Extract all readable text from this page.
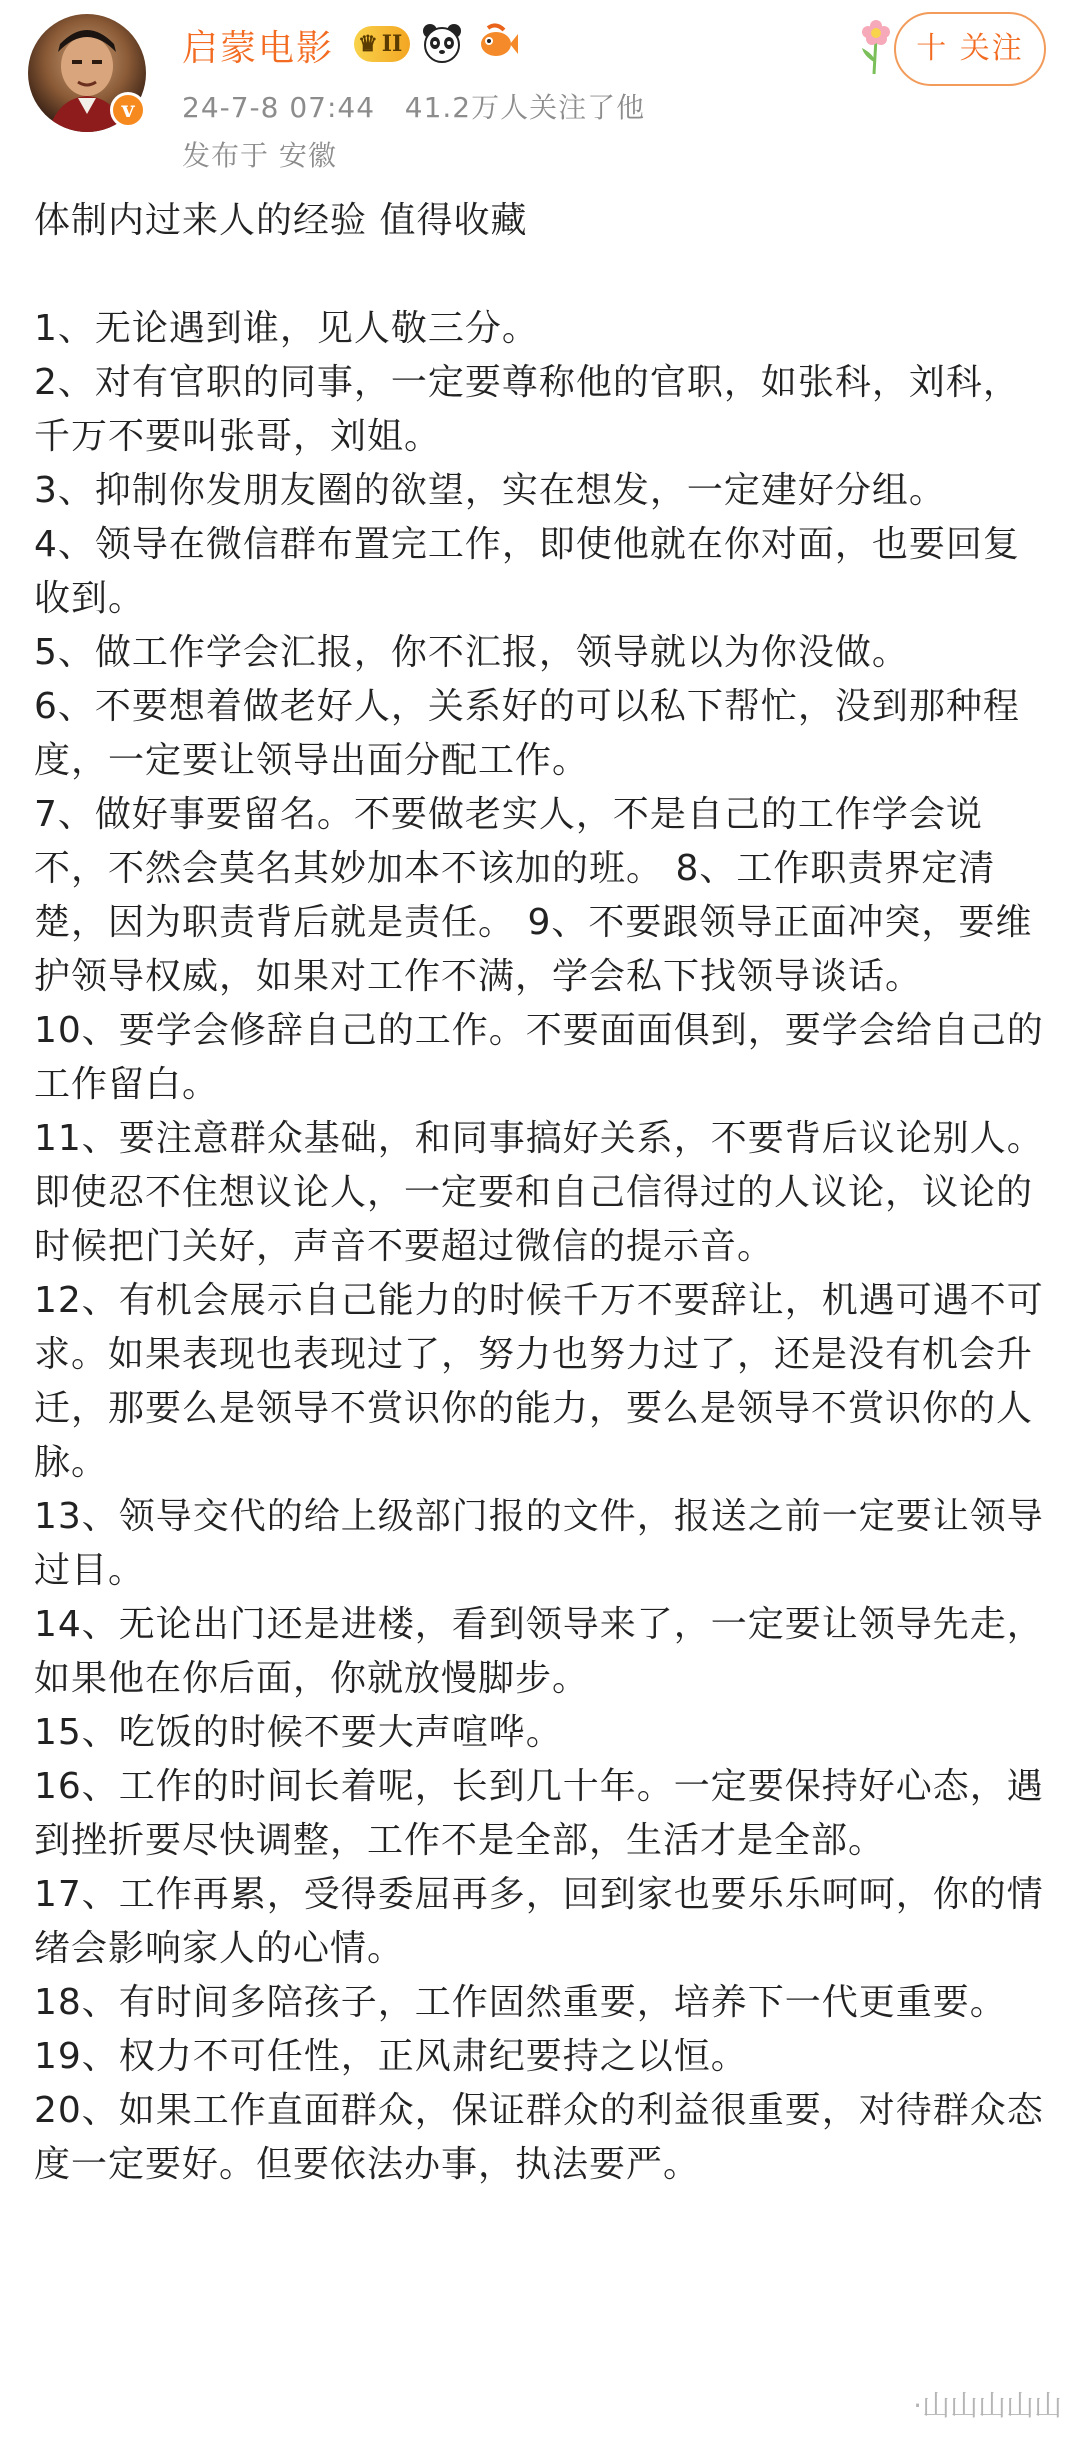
v
启蒙电影 ♛ II
24-7-8 07:44 41.2万人关注了他
发布于 安徽
十 关注

体制内过来人的经验 值得收藏

1、无论遇到谁，见人敬三分。

2、对有官职的同事，一定要尊称他的官职，如张科，刘科，千万不要叫张哥，刘姐。

3、抑制你发朋友圈的欲望，实在想发，一定建好分组。

4、领导在微信群布置完工作，即使他就在你对面，也要回复收到。

5、做工作学会汇报，你不汇报，领导就以为你没做。

6、不要想着做老好人，关系好的可以私下帮忙，没到那种程度，一定要让领导出面分配工作。

7、做好事要留名。不要做老实人，不是自己的工作学会说不，不然会莫名其妙加本不该加的班。 8、工作职责界定清楚，因为职责背后就是责任。 9、不要跟领导正面冲突，要维护领导权威，如果对工作不满，学会私下找领导谈话。

10、要学会修辞自己的工作。不要面面俱到，要学会给自己的工作留白。

11、要注意群众基础，和同事搞好关系，不要背后议论别人。即使忍不住想议论人，一定要和自己信得过的人议论，议论的时候把门关好，声音不要超过微信的提示音。

12、有机会展示自己能力的时候千万不要辞让，机遇可遇不可求。如果表现也表现过了，努力也努力过了，还是没有机会升迁，那要么是领导不赏识你的能力，要么是领导不赏识你的人脉。

13、领导交代的给上级部门报的文件，报送之前一定要让领导过目。

14、无论出门还是进楼，看到领导来了，一定要让领导先走，如果他在你后面，你就放慢脚步。

15、吃饭的时候不要大声喧哗。

16、工作的时间长着呢，长到几十年。一定要保持好心态，遇到挫折要尽快调整，工作不是全部，生活才是全部。

17、工作再累，受得委屈再多，回到家也要乐乐呵呵，你的情绪会影响家人的心情。

18、有时间多陪孩子，工作固然重要，培养下一代更重要。

19、权力不可任性，正风肃纪要持之以恒。

20、如果工作直面群众，保证群众的利益很重要，对待群众态度一定要好。但要依法办事，执法要严。

·山山山山山
